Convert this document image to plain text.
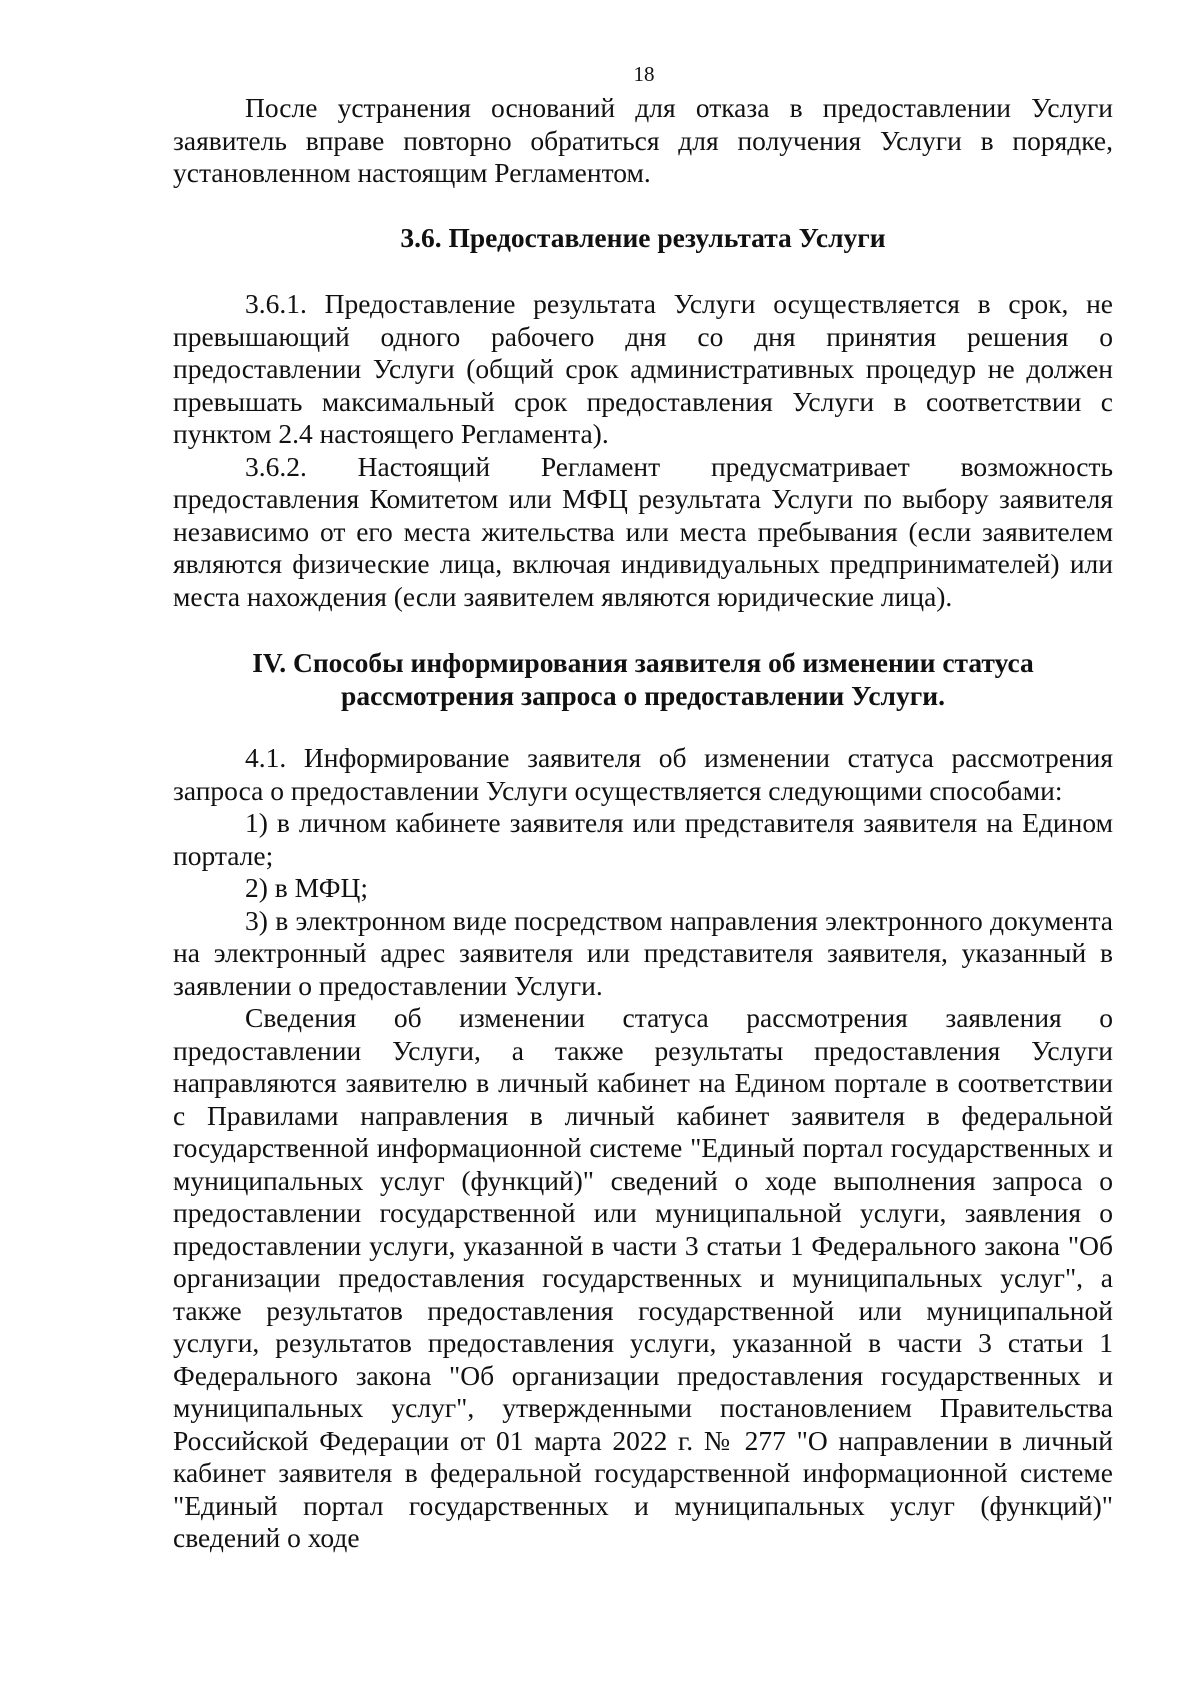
18

После устранения оснований для отказа в предоставлении Услуги заявитель вправе повторно обратиться для получения Услуги в порядке, установленном настоящим Регламентом.

3.6. Предоставление результата Услуги

3.6.1. Предоставление результата Услуги осуществляется в срок, не превышающий одного рабочего дня со дня принятия решения о предоставлении Услуги (общий срок административных процедур не должен превышать максимальный срок предоставления Услуги в соответствии с пунктом 2.4 настоящего Регламента).

3.6.2. Настоящий Регламент предусматривает возможность предоставления Комитетом или МФЦ результата Услуги по выбору заявителя независимо от его места жительства или места пребывания (если заявителем являются физические лица, включая индивидуальных предпринимателей) или места нахождения (если заявителем являются юридические лица).

IV. Способы информирования заявителя об изменении статуса
рассмотрения запроса о предоставлении Услуги.

4.1. Информирование заявителя об изменении статуса рассмотрения запроса о предоставлении Услуги осуществляется следующими способами:

1) в личном кабинете заявителя или представителя заявителя на Едином портале;

2) в МФЦ;

3) в электронном виде посредством направления электронного документа на электронный адрес заявителя или представителя заявителя, указанный в заявлении о предоставлении Услуги.

Сведения об изменении статуса рассмотрения заявления о предоставлении Услуги, а также результаты предоставления Услуги направляются заявителю в личный кабинет на Едином портале в соответствии с Правилами направления в личный кабинет заявителя в федеральной государственной информационной системе "Единый портал государственных и муниципальных услуг (функций)" сведений о ходе выполнения запроса о предоставлении государственной или муниципальной услуги, заявления о предоставлении услуги, указанной в части 3 статьи 1 Федерального закона "Об организации предоставления государственных и муниципальных услуг", а также результатов предоставления государственной или муниципальной услуги, результатов предоставления услуги, указанной в части 3 статьи 1 Федерального закона "Об организации предоставления государственных и муниципальных услуг", утвержденными постановлением Правительства Российской Федерации от 01 марта 2022 г. № 277 "О направлении в личный кабинет заявителя в федеральной государственной информационной системе "Единый портал государственных и муниципальных услуг (функций)" сведений о ходе
